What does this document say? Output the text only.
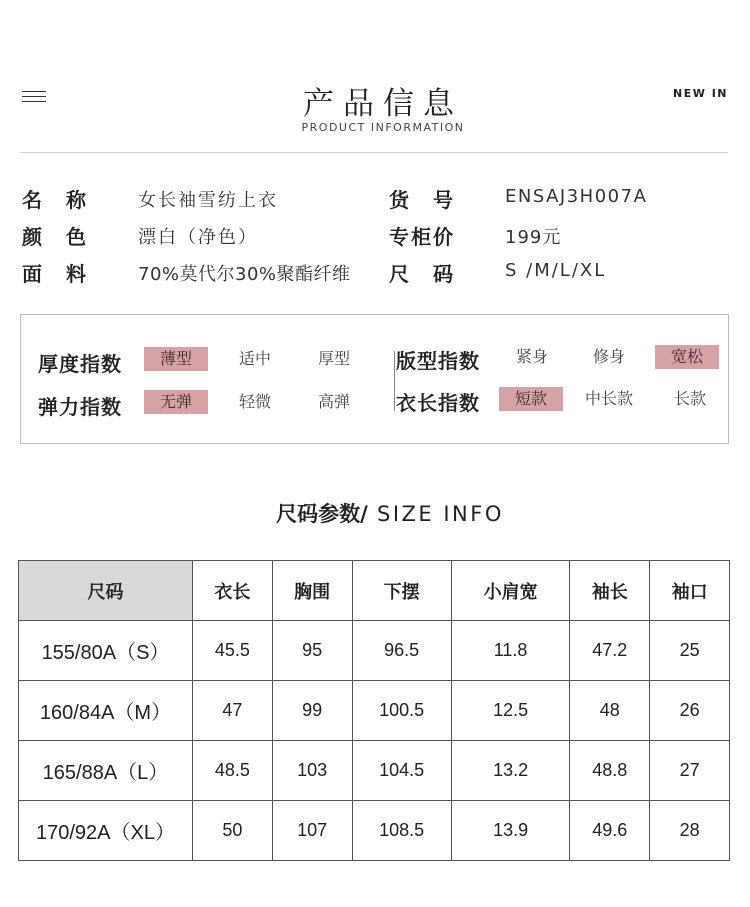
产品信息
PRODUCT INFORMATION
NEW IN
名　称	女长袖雪纺上衣
颜　色	漂白（净色）
面　料	70%莫代尔30%聚酯纤维
货　号	ENSAJ3H007A
专柜价	199元
尺　码	S /M/L/XL
厚度指数	薄型	适中	厚型
弹力指数	无弹	轻微	高弹
版型指数	紧身	修身	宽松
衣长指数	短款	中长款	长款
尺码参数/ SIZE INFO
尺码	衣长	胸围	下摆	小肩宽	袖长	袖口
155/80A（S）	45.5	95	96.5	11.8	47.2	25
160/84A（M）	47	99	100.5	12.5	48	26
165/88A（L）	48.5	103	104.5	13.2	48.8	27
170/92A（XL）	50	107	108.5	13.9	49.6	28
